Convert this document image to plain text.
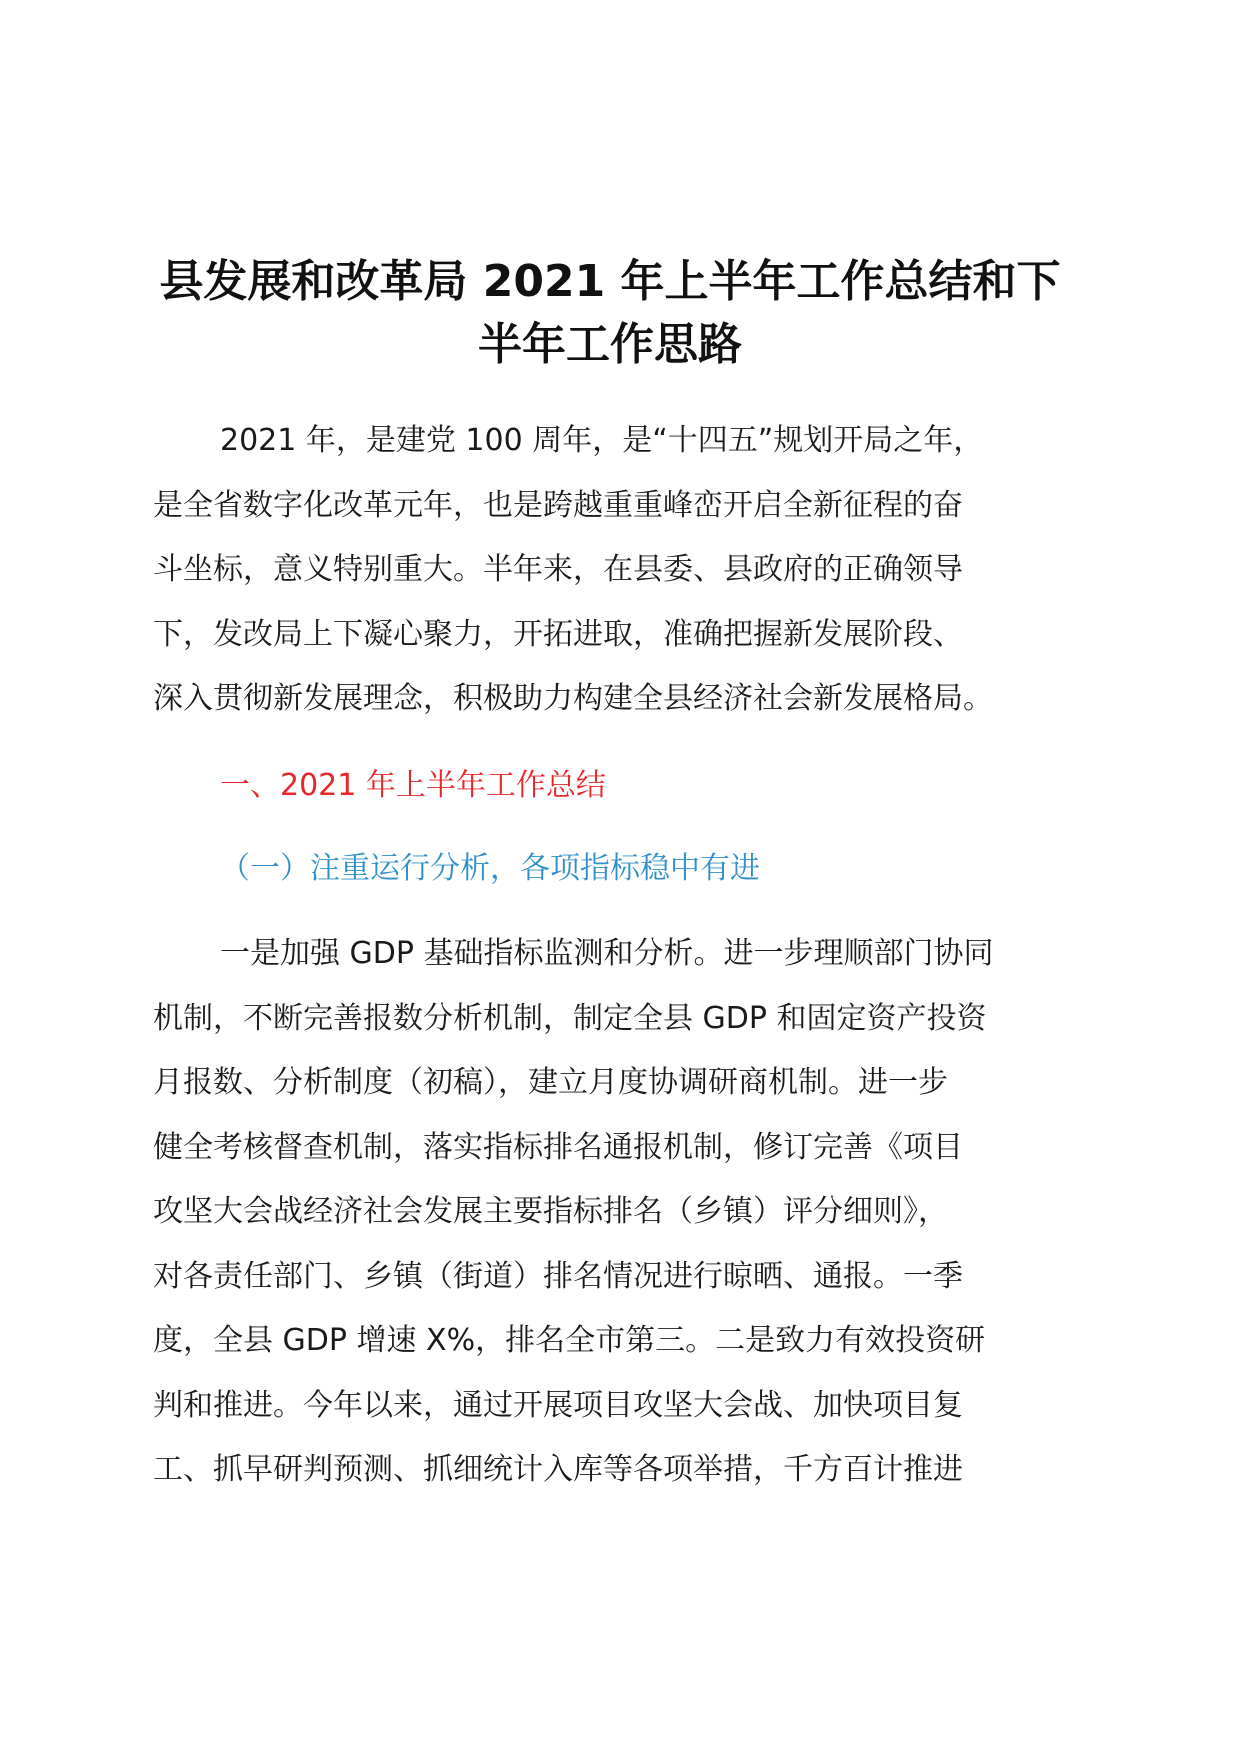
县发展和改革局 2021 年上半年工作总结和下
半年工作思路
2021 年，是建党 100 周年，是“十四五”规划开局之年，
是全省数字化改革元年，也是跨越重重峰峦开启全新征程的奋
斗坐标，意义特别重大。半年来，在县委、县政府的正确领导
下，发改局上下凝心聚力，开拓进取，准确把握新发展阶段、
深入贯彻新发展理念，积极助力构建全县经济社会新发展格局。
一、2021 年上半年工作总结
（一）注重运行分析，各项指标稳中有进
一是加强 GDP 基础指标监测和分析。进一步理顺部门协同
机制，不断完善报数分析机制，制定全县 GDP 和固定资产投资
月报数、分析制度（初稿），建立月度协调研商机制。进一步
健全考核督查机制，落实指标排名通报机制，修订完善《项目
攻坚大会战经济社会发展主要指标排名（乡镇）评分细则》，
对各责任部门、乡镇（街道）排名情况进行晾晒、通报。一季
度，全县 GDP 增速 X%，排名全市第三。二是致力有效投资研
判和推进。今年以来，通过开展项目攻坚大会战、加快项目复
工、抓早研判预测、抓细统计入库等各项举措，千方百计推进
